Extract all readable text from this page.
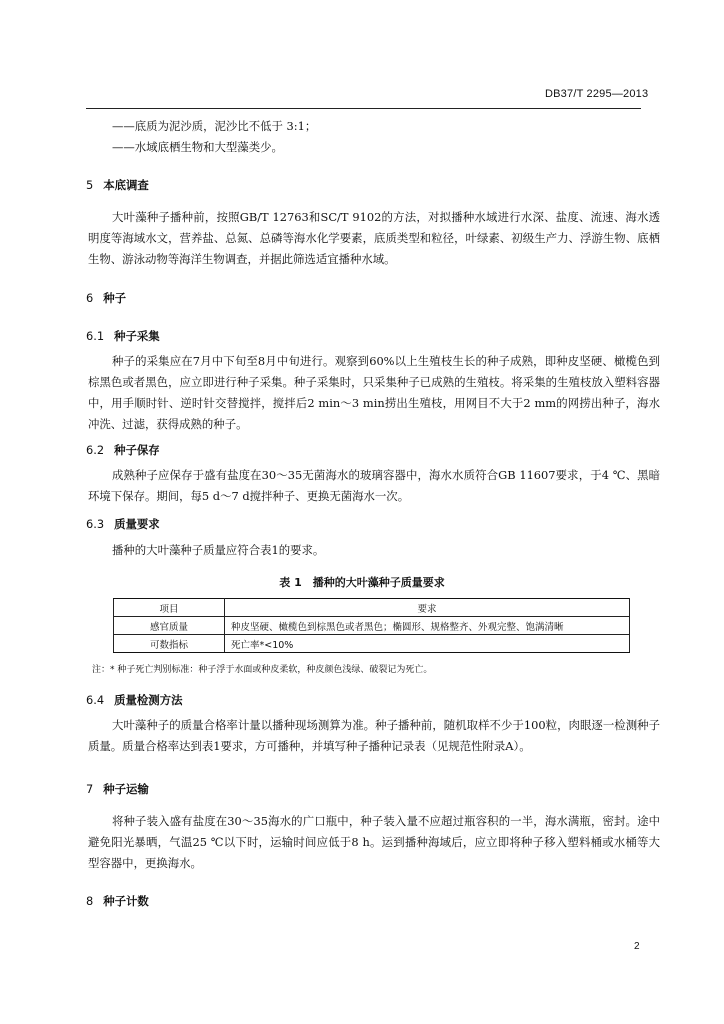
DB37/T 2295—2013
——底质为泥沙质，泥沙比不低于 3:1；
——水域底栖生物和大型藻类少。
5 本底调查
大叶藻种子播种前，按照GB/T 12763和SC/T 9102的方法，对拟播种水域进行水深、盐度、流速、海水透明度等海域水文，营养盐、总氮、总磷等海水化学要素，底质类型和粒径，叶绿素、初级生产力、浮游生物、底栖生物、游泳动物等海洋生物调查，并据此筛选适宜播种水域。
6 种子
6.1 种子采集
种子的采集应在7月中下旬至8月中旬进行。观察到60%以上生殖枝生长的种子成熟，即种皮坚硬、橄榄色到棕黑色或者黑色，应立即进行种子采集。种子采集时，只采集种子已成熟的生殖枝。将采集的生殖枝放入塑料容器中，用手顺时针、逆时针交替搅拌，搅拌后2 min～3 min捞出生殖枝，用网目不大于2 mm的网捞出种子，海水冲洗、过滤，获得成熟的种子。
6.2 种子保存
成熟种子应保存于盛有盐度在30～35无菌海水的玻璃容器中，海水水质符合GB 11607要求，于4 ℃、黑暗环境下保存。期间，每5 d～7 d搅拌种子、更换无菌海水一次。
6.3 质量要求
播种的大叶藻种子质量应符合表1的要求。
表 1　播种的大叶藻种子质量要求
项目	要求
感官质量	种皮坚硬、橄榄色到棕黑色或者黑色；椭圆形、规格整齐、外观完整、饱满清晰
可数指标	死亡率*<10%
注：* 种子死亡判别标准：种子浮于水面或种皮柔软，种皮颜色浅绿、破裂记为死亡。
6.4 质量检测方法
大叶藻种子的质量合格率计量以播种现场测算为准。种子播种前，随机取样不少于100粒，肉眼逐一检测种子质量。质量合格率达到表1要求，方可播种，并填写种子播种记录表（见规范性附录A）。
7 种子运输
将种子装入盛有盐度在30～35海水的广口瓶中，种子装入量不应超过瓶容积的一半，海水满瓶，密封。途中避免阳光暴晒，气温25 ℃以下时，运输时间应低于8 h。运到播种海域后，应立即将种子移入塑料桶或水桶等大型容器中，更换海水。
8 种子计数
2
